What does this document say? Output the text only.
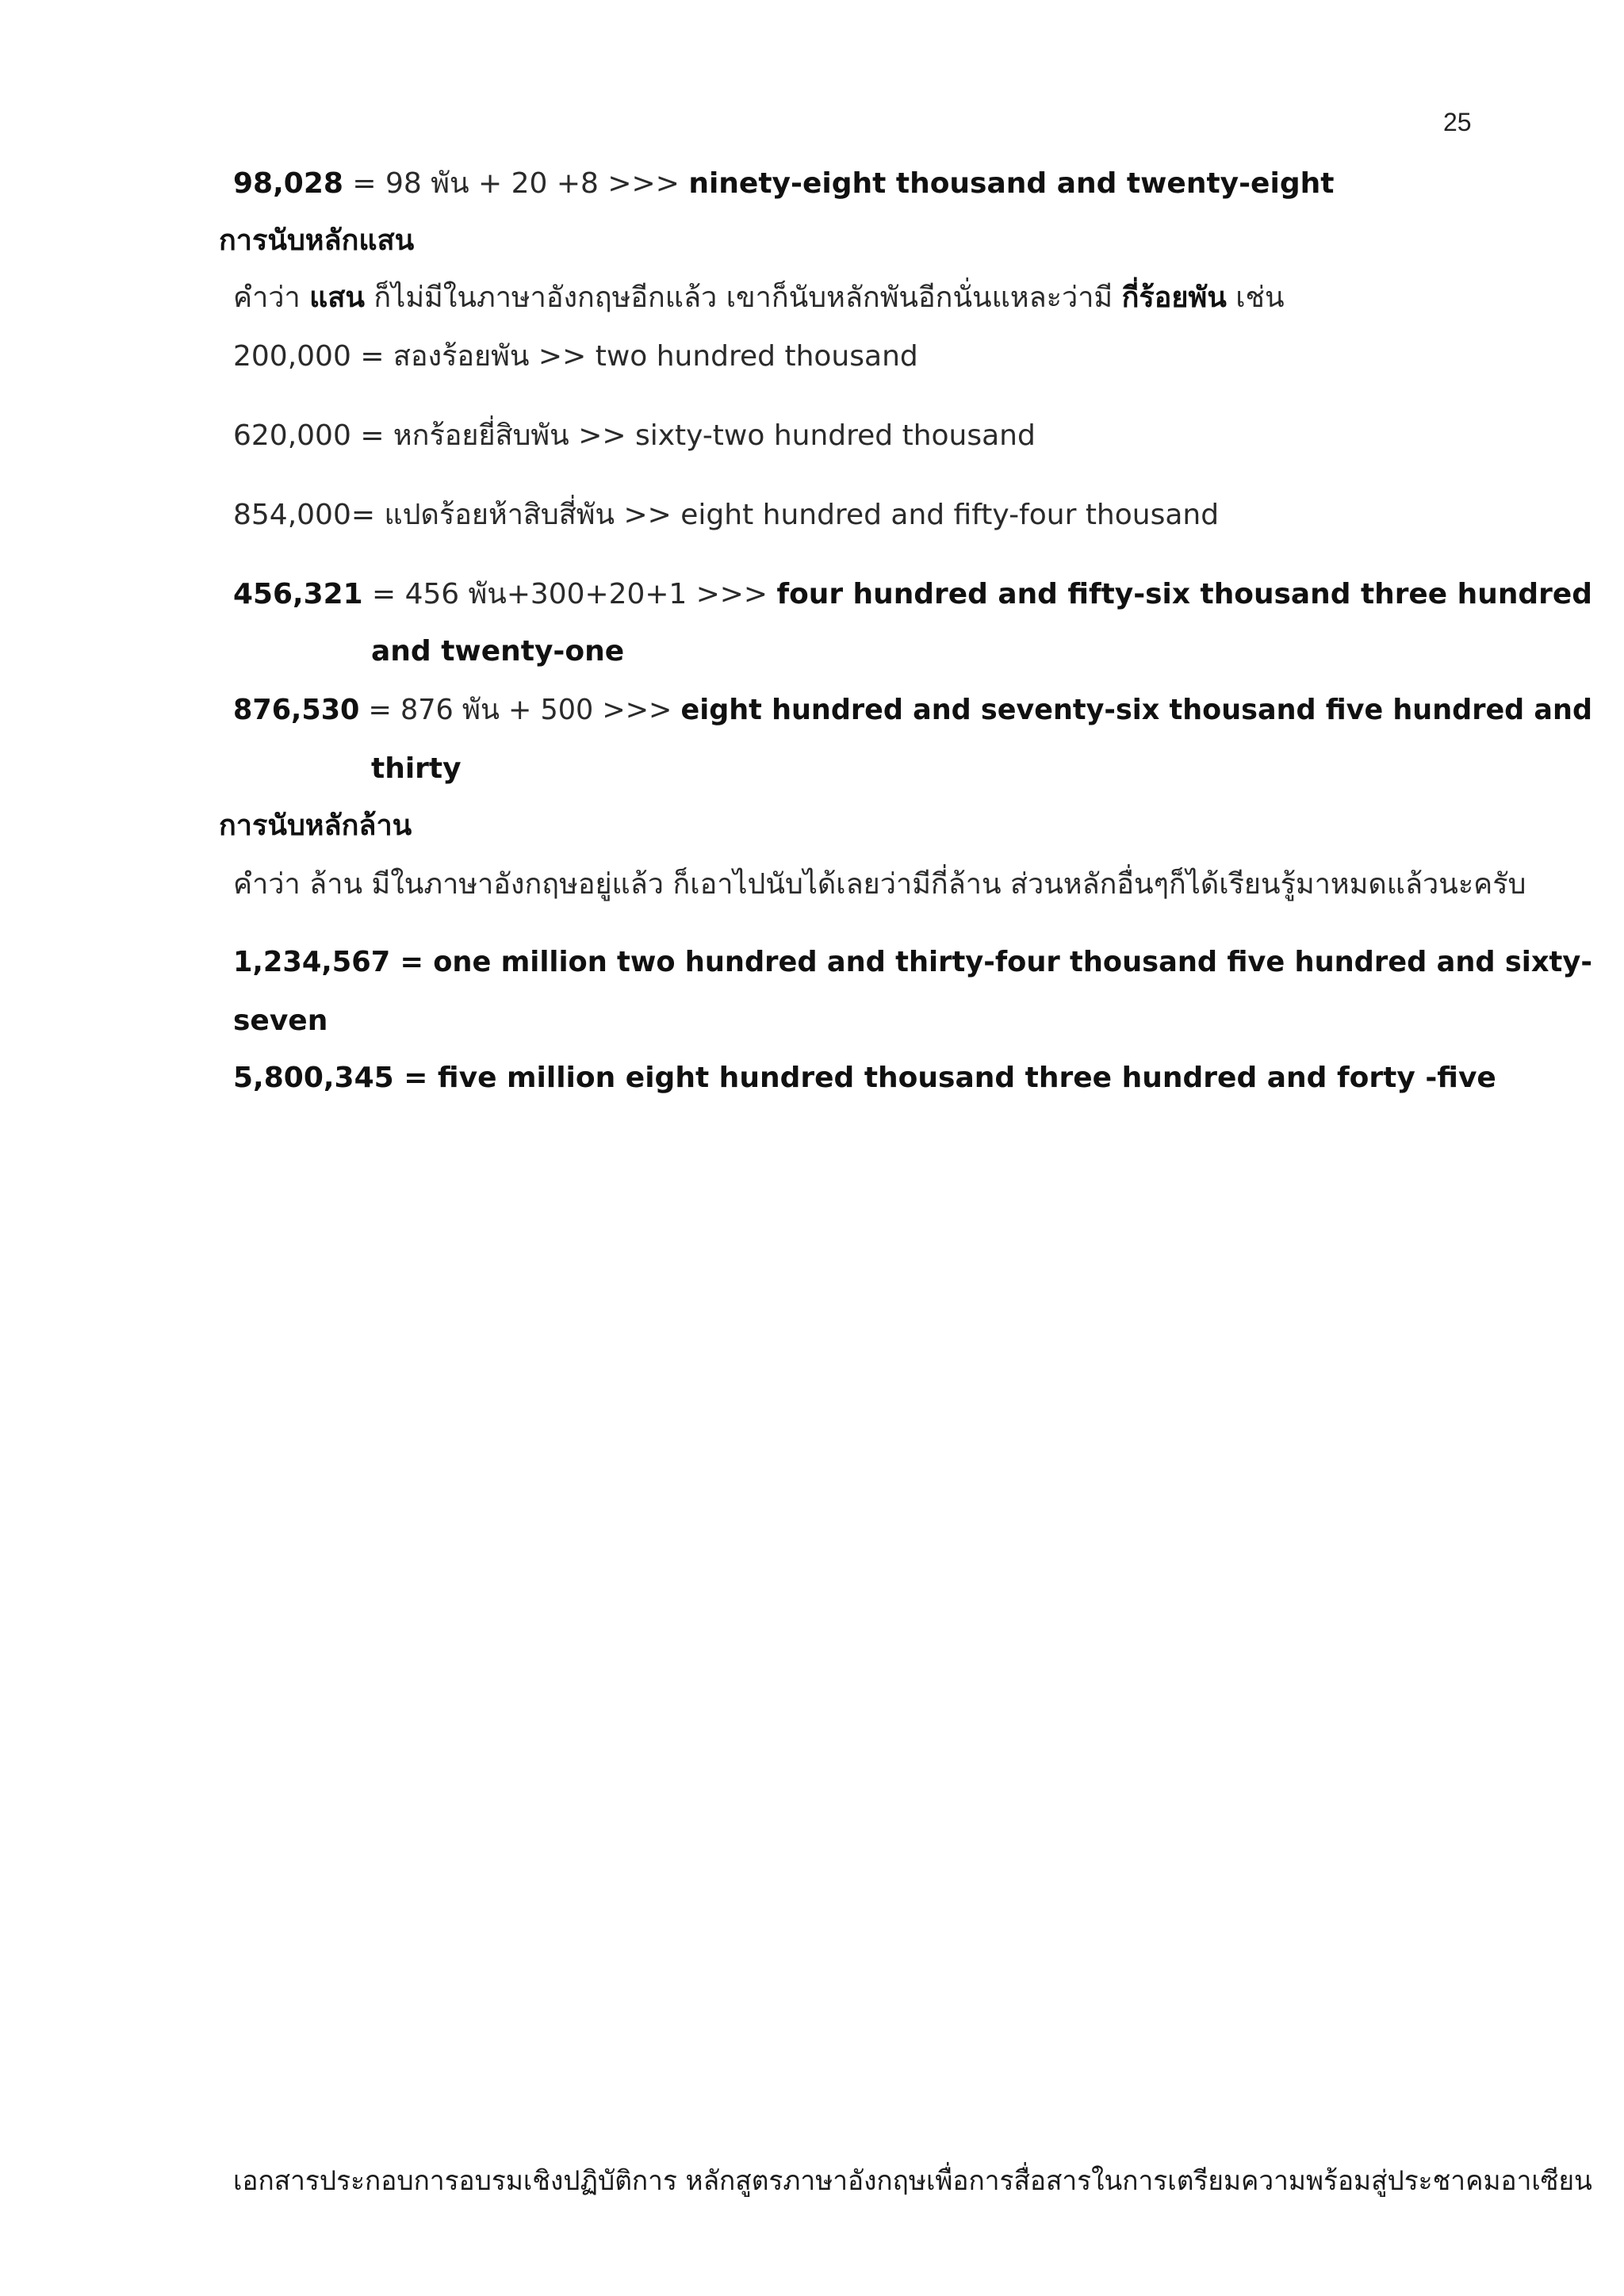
25
98,028 = 98 พัน + 20 +8 >>> ninety-eight thousand and twenty-eight
การนับหลักแสน
คำว่า แสน ก็ไม่มีในภาษาอังกฤษอีกแล้ว เขาก็นับหลักพันอีกนั่นแหละว่ามี กี่ร้อยพัน เช่น
200,000 = สองร้อยพัน >> two hundred thousand
620,000 = หกร้อยยี่สิบพัน >> sixty-two hundred thousand
854,000= แปดร้อยห้าสิบสี่พัน >> eight hundred and fifty-four thousand
456,321 = 456 พัน+300+20+1 >>> four hundred and fifty-six thousand three hundred
and twenty-one
876,530 = 876 พัน + 500 >>> eight hundred and seventy-six thousand five hundred and
thirty
การนับหลักล้าน
คำว่า ล้าน มีในภาษาอังกฤษอยู่แล้ว ก็เอาไปนับได้เลยว่ามีกี่ล้าน ส่วนหลักอื่นๆก็ได้เรียนรู้มาหมดแล้วนะครับ
1,234,567 = one million two hundred and thirty-four thousand five hundred and sixty-
seven
5,800,345 = five million eight hundred thousand three hundred and forty -five
เอกสารประกอบการอบรมเชิงปฏิบัติการ หลักสูตรภาษาอังกฤษเพื่อการสื่อสารในการเตรียมความพร้อมสู่ประชาคมอาเซียน
